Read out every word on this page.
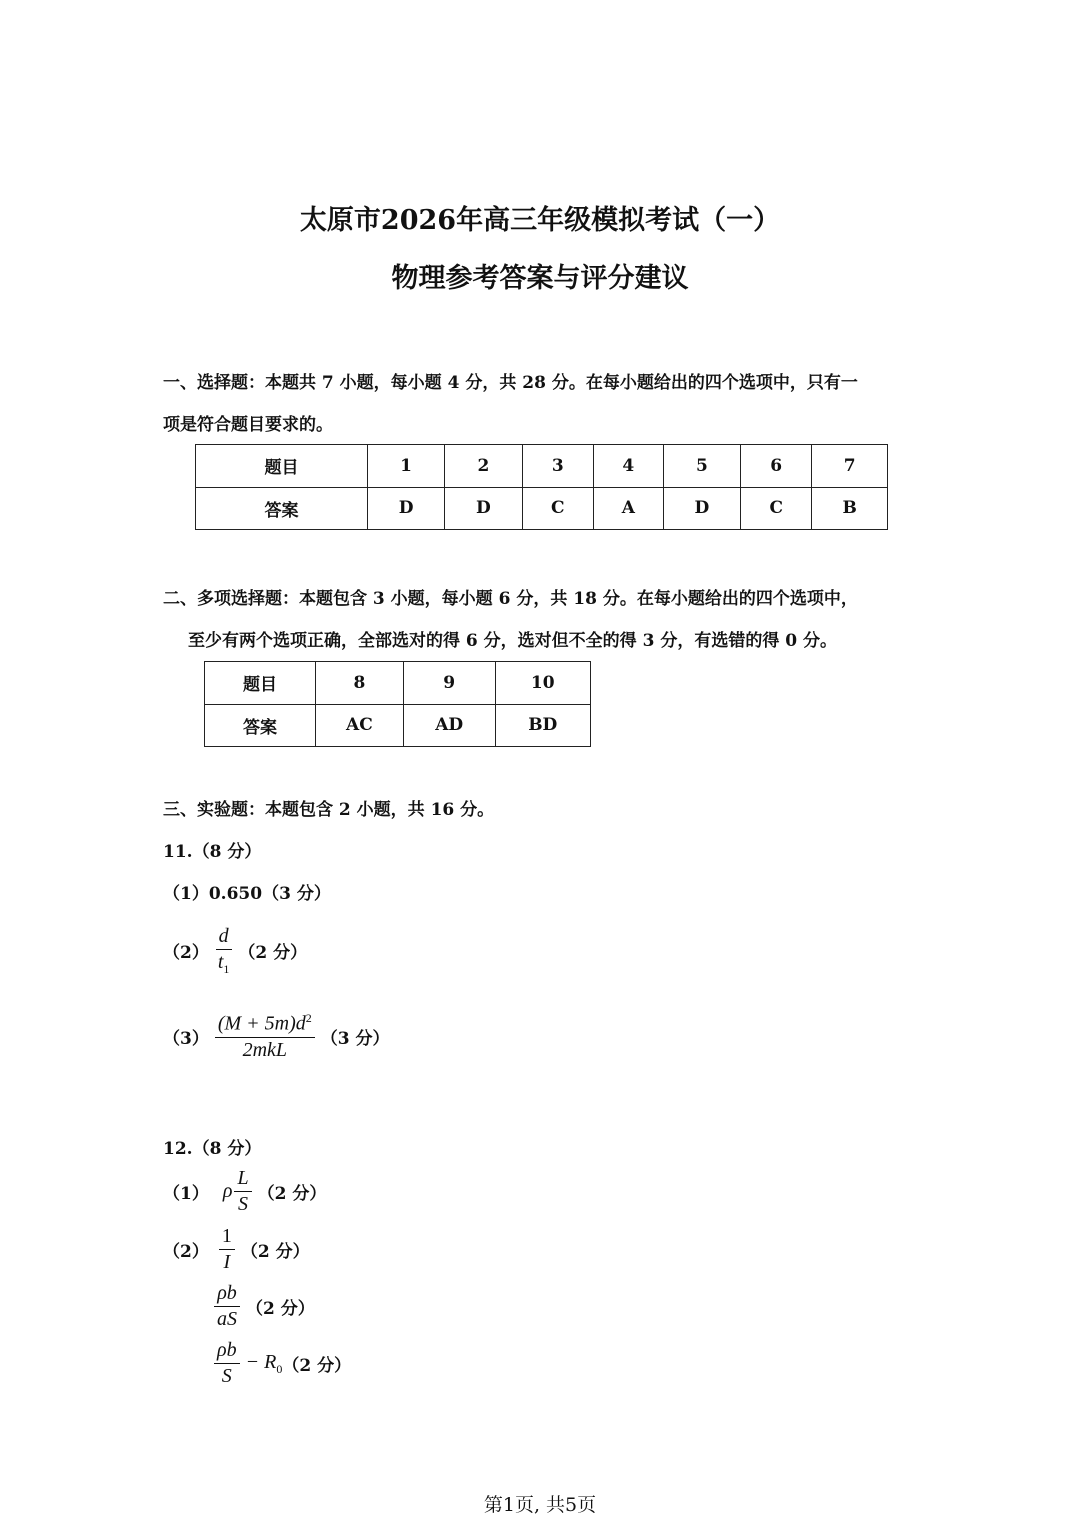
太原市2026年高三年级模拟考试（一）
物理参考答案与评分建议
一、选择题：本题共 7 小题，每小题 4 分，共 28 分。在每小题给出的四个选项中，只有一
项是符合题目要求的。
题目	1	2	3	4	5	6	7
答案	D	D	C	A	D	C	B
二、多项选择题：本题包含 3 小题，每小题 6 分，共 18 分。在每小题给出的四个选项中，
至少有两个选项正确，全部选对的得 6 分，选对但不全的得 3 分，有选错的得 0 分。
题目	8	9	10
答案	AC	AD	BD
三、实验题：本题包含 2 小题，共 16 分。
11.（8 分）
（1） 0.650（3 分）
$(2) \frac{d}{t_1} (2$ 分）
$(3) \frac{(M + 5m)d^2}{\text{2mkL}} (3$ 分）
12.（8 分）
（1） ρ $\frac{L}{S} (2$ 分）
$(2) \frac{1}{I} (2$ 分）
$\frac{\rho b}{aS} (2$ 分）
$\frac{\rho b}{S} - R_0$ （2 分）
第1页, 共5页
